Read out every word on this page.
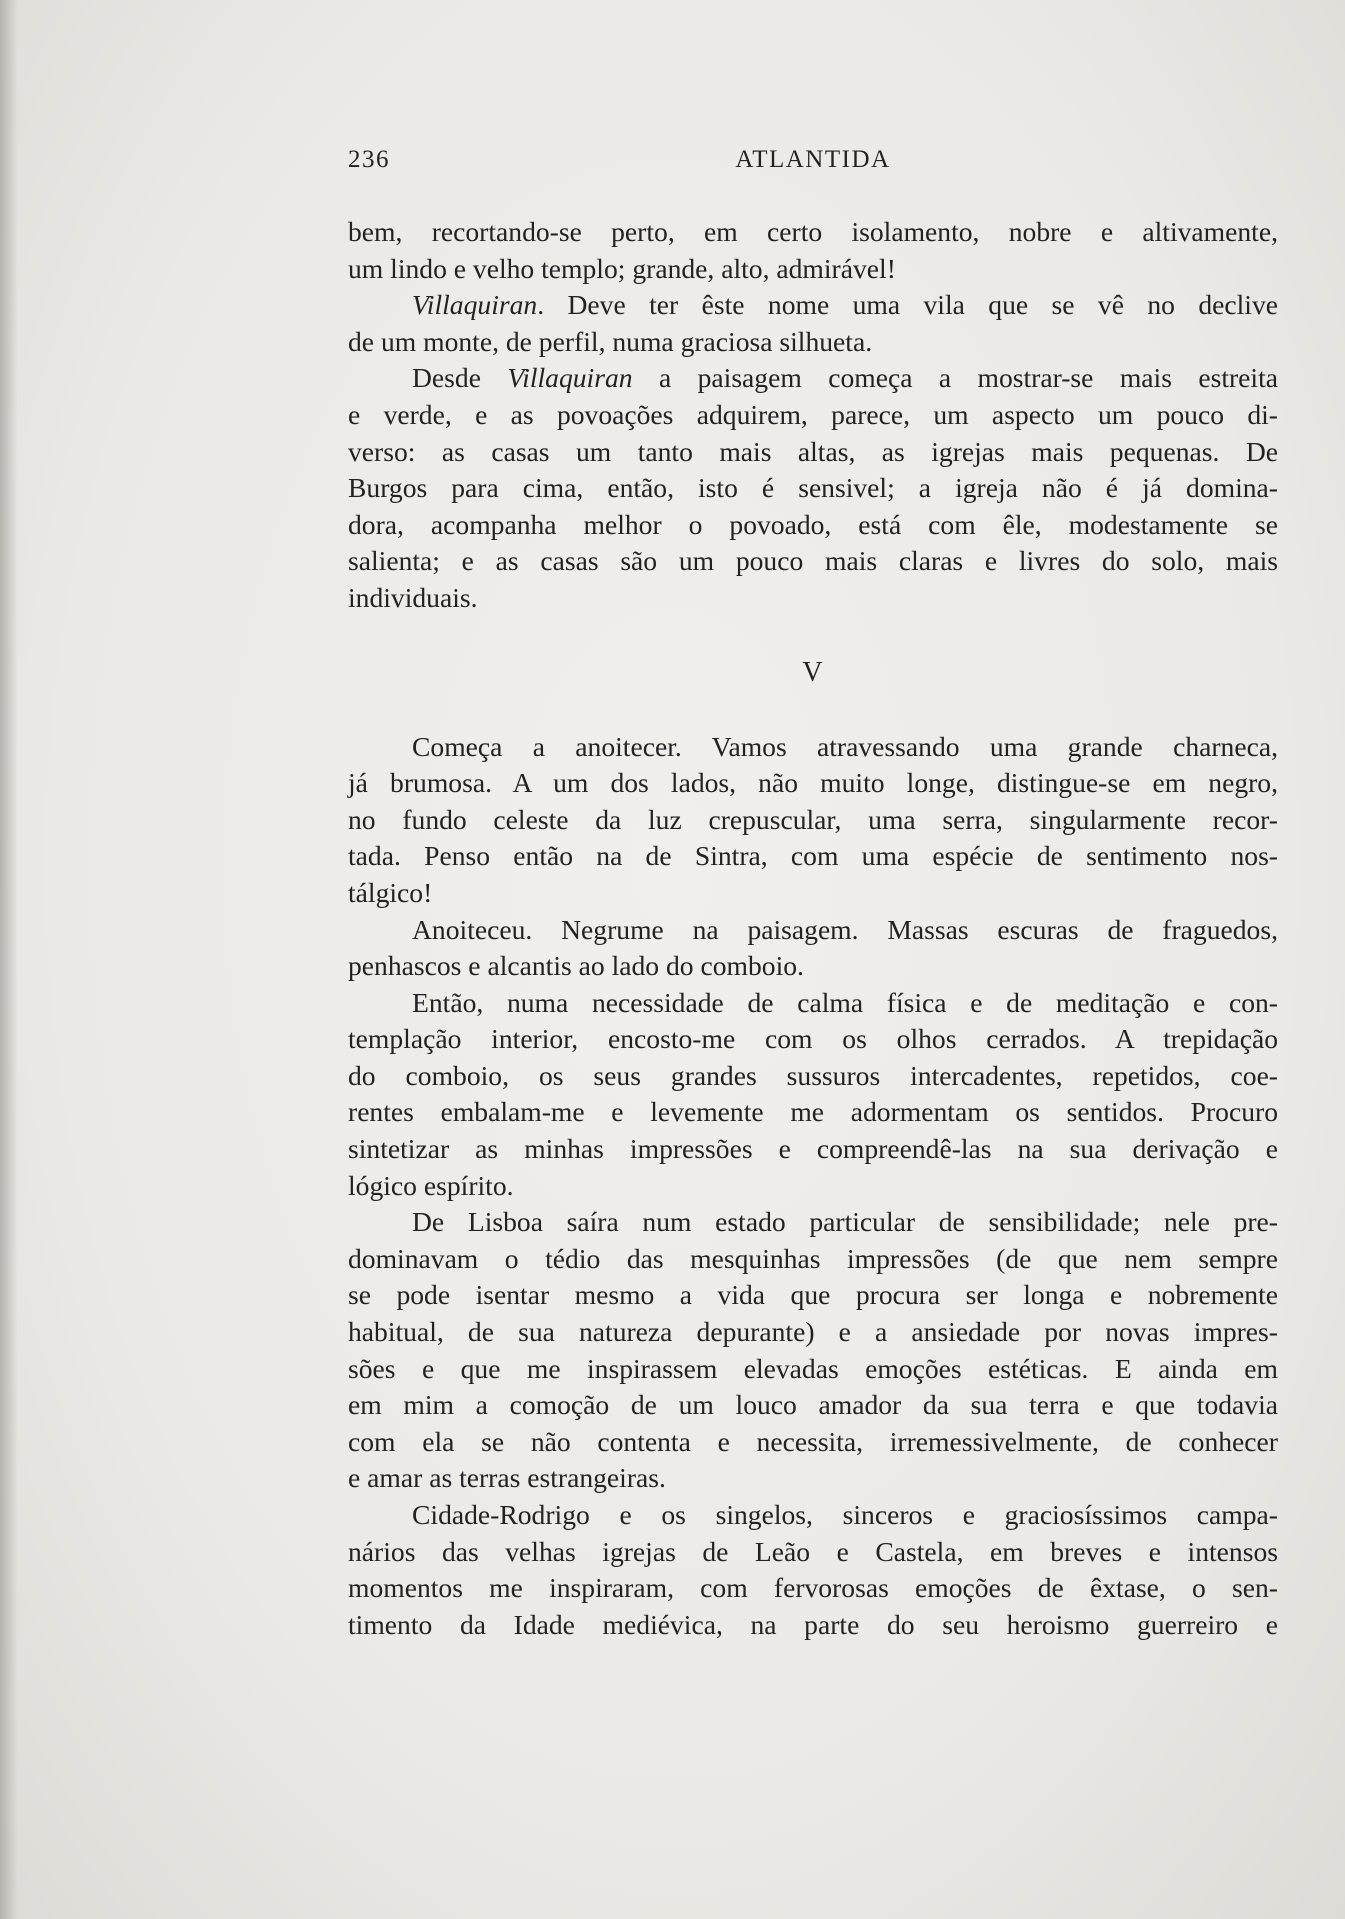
236	ATLANTIDA

bem, recortando-se perto, em certo isolamento, nobre e altivamente,
um lindo e velho templo; grande, alto, admirável!

Villaquiran. Deve ter êste nome uma vila que se vê no declive
de um monte, de perfil, numa graciosa silhueta.

Desde Villaquiran a paisagem começa a mostrar-se mais estreita
e verde, e as povoações adquirem, parece, um aspecto um pouco di-
verso: as casas um tanto mais altas, as igrejas mais pequenas. De
Burgos para cima, então, isto é sensivel; a igreja não é já domina-
dora, acompanha melhor o povoado, está com êle, modestamente se
salienta; e as casas são um pouco mais claras e livres do solo, mais
individuais.

V

Começa a anoitecer. Vamos atravessando uma grande charneca,
já brumosa. A um dos lados, não muito longe, distingue-se em negro,
no fundo celeste da luz crepuscular, uma serra, singularmente recor-
tada. Penso então na de Sintra, com uma espécie de sentimento nos-
tálgico!

Anoiteceu. Negrume na paisagem. Massas escuras de fraguedos,
penhascos e alcantis ao lado do comboio.

Então, numa necessidade de calma física e de meditação e con-
templação interior, encosto-me com os olhos cerrados. A trepidação
do comboio, os seus grandes sussuros intercadentes, repetidos, coe-
rentes embalam-me e levemente me adormentam os sentidos. Procuro
sintetizar as minhas impressões e compreendê-las na sua derivação e
lógico espírito.

De Lisboa saíra num estado particular de sensibilidade; nele pre-
dominavam o tédio das mesquinhas impressões (de que nem sempre
se pode isentar mesmo a vida que procura ser longa e nobremente
habitual, de sua natureza depurante) e a ansiedade por novas impres-
sões e que me inspirassem elevadas emoções estéticas. E ainda em
em mim a comoção de um louco amador da sua terra e que todavia
com ela se não contenta e necessita, irremessivelmente, de conhecer
e amar as terras estrangeiras.

Cidade-Rodrigo e os singelos, sinceros e graciosíssimos campa-
nários das velhas igrejas de Leão e Castela, em breves e intensos
momentos me inspiraram, com fervorosas emoções de êxtase, o sen-
timento da Idade mediévica, na parte do seu heroismo guerreiro e
